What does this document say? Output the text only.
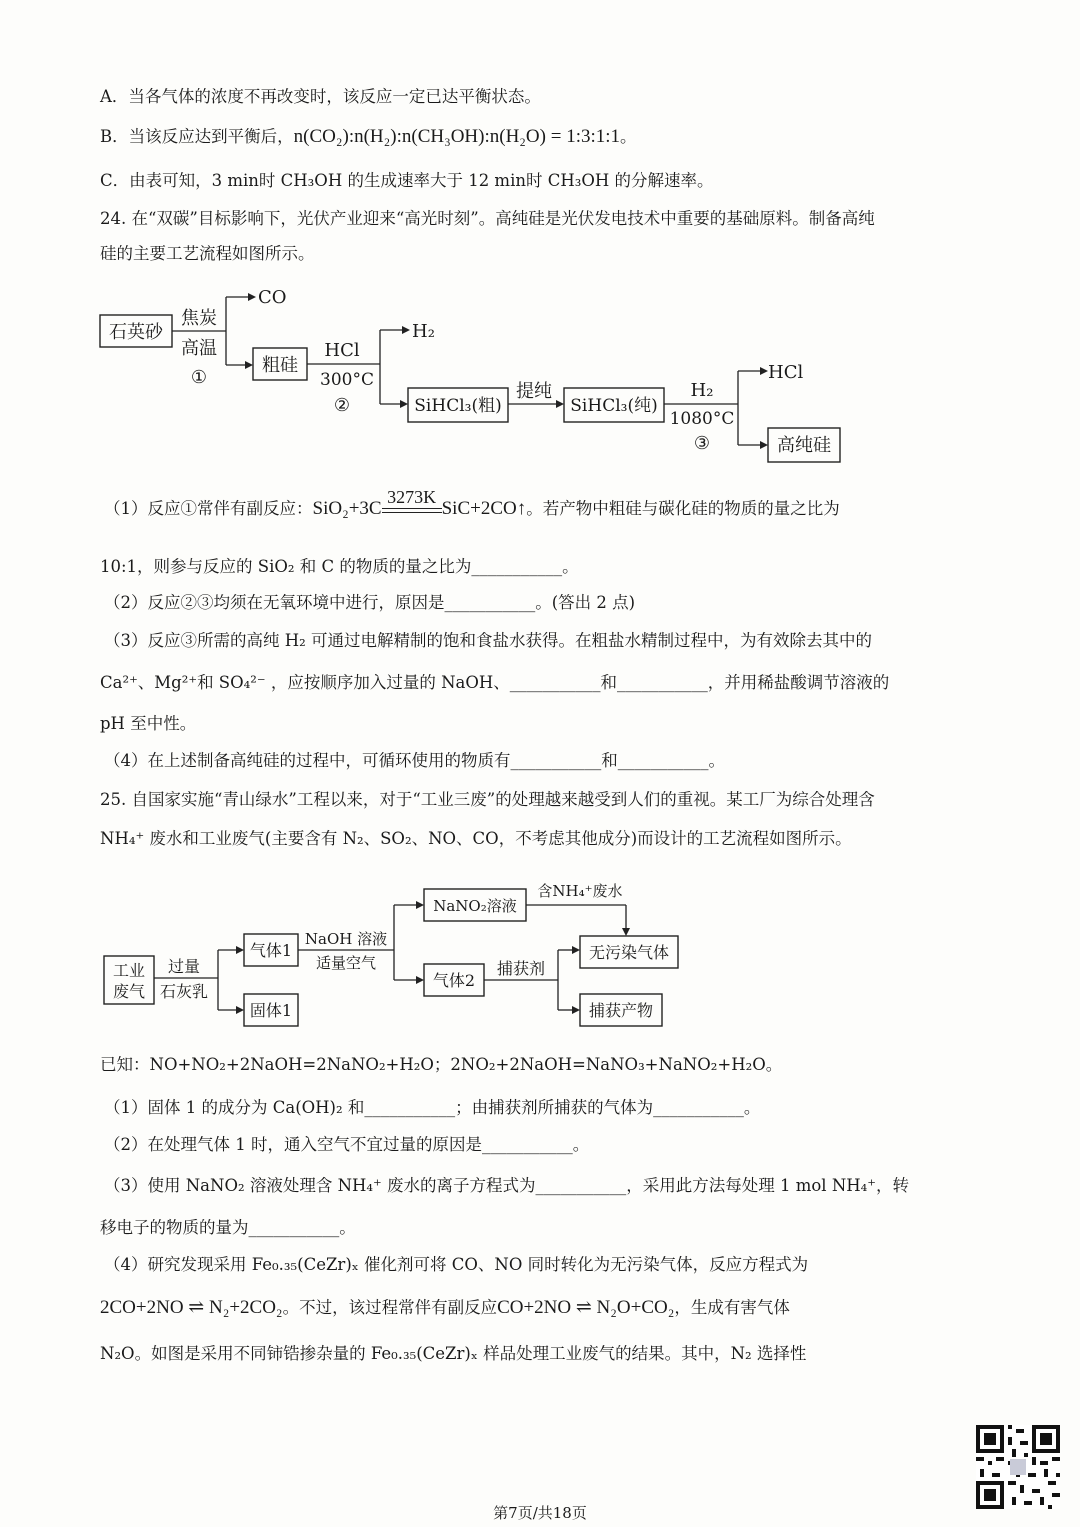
A．当各气体的浓度不再改变时，该反应一定已达平衡状态。
B．当该反应达到平衡后，n(CO₂):n(H₂):n(CH₃OH):n(H₂O) = 1:3:1:1。
C．由表可知，3 min时 CH₃OH 的生成速率大于 12 min时 CH₃OH 的分解速率。
24. 在“双碳”目标影响下，光伏产业迎来“高光时刻”。高纯硅是光伏发电技术中重要的基础原料。制备高纯
硅的主要工艺流程如图所示。
石英砂
焦炭
高温
①
CO
粗硅
HCl
300°C
②
H₂
SiHCl₃(粗)
提纯
SiHCl₃(纯)
H₂
1080°C
③
HCl
高纯硅
（1）反应①常伴有副反应：SiO₂+3C
3273K
SiC+2CO↑。若产物中粗硅与碳化硅的物质的量之比为
10:1，则参与反应的 SiO₂ 和 C 的物质的量之比为___________。
（2）反应②③均须在无氧环境中进行，原因是___________。(答出 2 点)
（3）反应③所需的高纯 H₂ 可通过电解精制的饱和食盐水获得。在粗盐水精制过程中，为有效除去其中的
Ca²⁺、Mg²⁺和 SO₄²⁻ ，应按顺序加入过量的 NaOH、___________和___________，并用稀盐酸调节溶液的
pH 至中性。
（4）在上述制备高纯硅的过程中，可循环使用的物质有___________和___________。
25. 自国家实施“青山绿水”工程以来，对于“工业三废”的处理越来越受到人们的重视。某工厂为综合处理含
NH₄⁺ 废水和工业废气(主要含有 N₂、SO₂、NO、CO，不考虑其他成分)而设计的工艺流程如图所示。
工业
废气
过量
石灰乳
气体1
固体1
NaOH 溶液
适量空气
NaNO₂溶液
含NH₄⁺废水
气体2
捕获剂
无污染气体
捕获产物
已知：NO+NO₂+2NaOH=2NaNO₂+H₂O；2NO₂+2NaOH=NaNO₃+NaNO₂+H₂O。
（1）固体 1 的成分为 Ca(OH)₂ 和___________；由捕获剂所捕获的气体为___________。
（2）在处理气体 1 时，通入空气不宜过量的原因是___________。
（3）使用 NaNO₂ 溶液处理含 NH₄⁺ 废水的离子方程式为___________，采用此方法每处理 1 mol NH₄⁺，转
移电子的物质的量为___________。
（4）研究发现采用 Fe₀.₃₅(CeZr)ₓ 催化剂可将 CO、NO 同时转化为无污染气体，反应方程式为
2CO+2NO ⇌ N₂+2CO₂。不过，该过程常伴有副反应CO+2NO ⇌ N₂O+CO₂，生成有害气体
N₂O。如图是采用不同铈锆掺杂量的 Fe₀.₃₅(CeZr)ₓ 样品处理工业废气的结果。其中，N₂ 选择性
第7页/共18页
